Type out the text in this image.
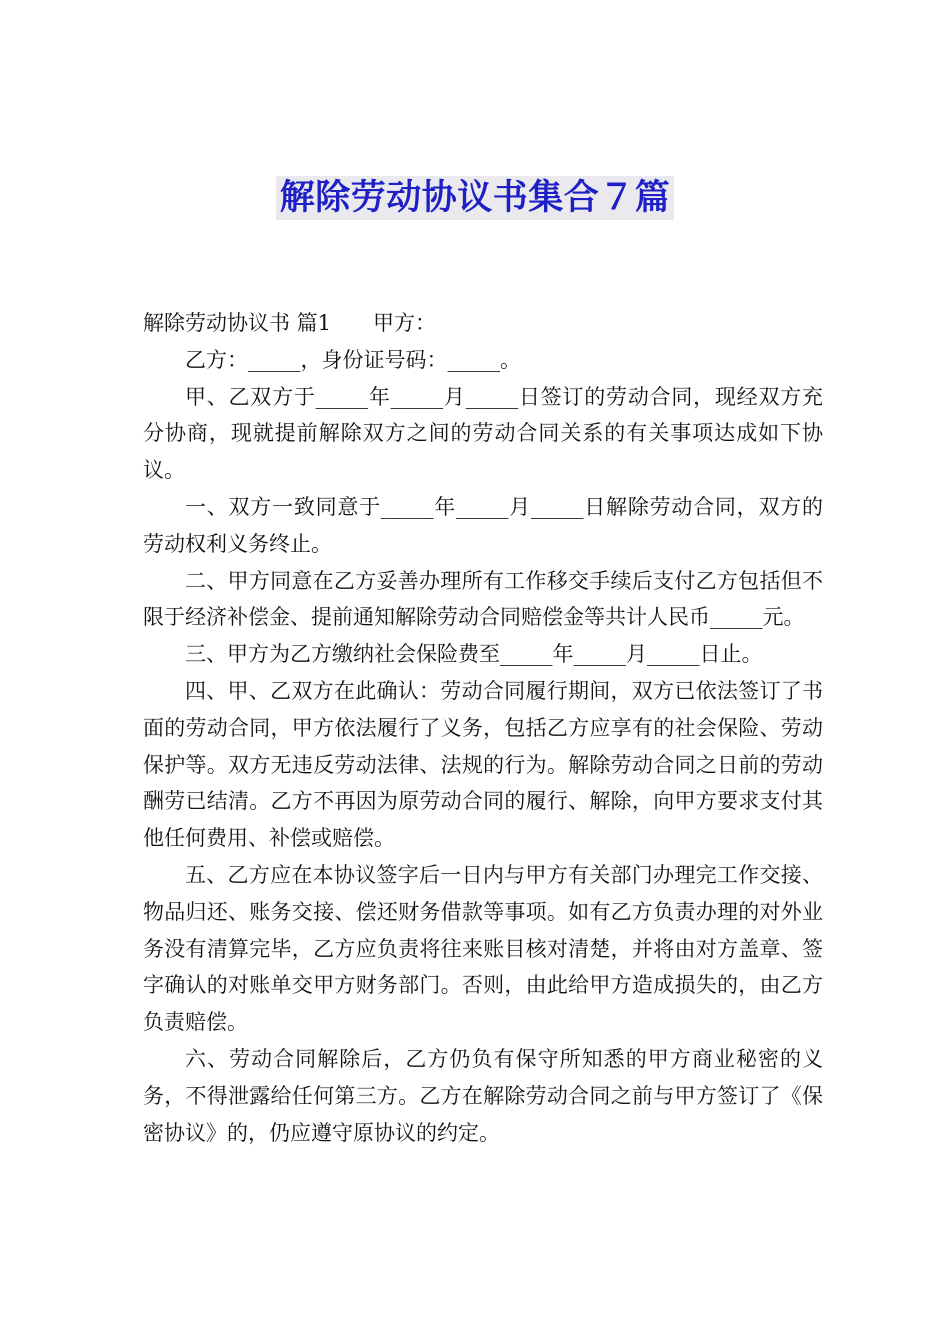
解除劳动协议书集合７篇

解除劳动协议书 篇1　　甲方：

乙方：_____，身份证号码：_____。

甲、乙双方于_____年_____月_____日签订的劳动合同，现经双方充分协商，现就提前解除双方之间的劳动合同关系的有关事项达成如下协议。

一、双方一致同意于_____年_____月_____日解除劳动合同，双方的劳动权利义务终止。

二、甲方同意在乙方妥善办理所有工作移交手续后支付乙方包括但不限于经济补偿金、提前通知解除劳动合同赔偿金等共计人民币_____元。

三、甲方为乙方缴纳社会保险费至_____年_____月_____日止。

四、甲、乙双方在此确认：劳动合同履行期间，双方已依法签订了书面的劳动合同，甲方依法履行了义务，包括乙方应享有的社会保险、劳动保护等。双方无违反劳动法律、法规的行为。解除劳动合同之日前的劳动酬劳已结清。乙方不再因为原劳动合同的履行、解除，向甲方要求支付其他任何费用、补偿或赔偿。

五、乙方应在本协议签字后一日内与甲方有关部门办理完工作交接、物品归还、账务交接、偿还财务借款等事项。如有乙方负责办理的对外业务没有清算完毕，乙方应负责将往来账目核对清楚，并将由对方盖章、签字确认的对账单交甲方财务部门。否则，由此给甲方造成损失的，由乙方负责赔偿。

六、劳动合同解除后，乙方仍负有保守所知悉的甲方商业秘密的义务，不得泄露给任何第三方。乙方在解除劳动合同之前与甲方签订了《保密协议》的，仍应遵守原协议的约定。
